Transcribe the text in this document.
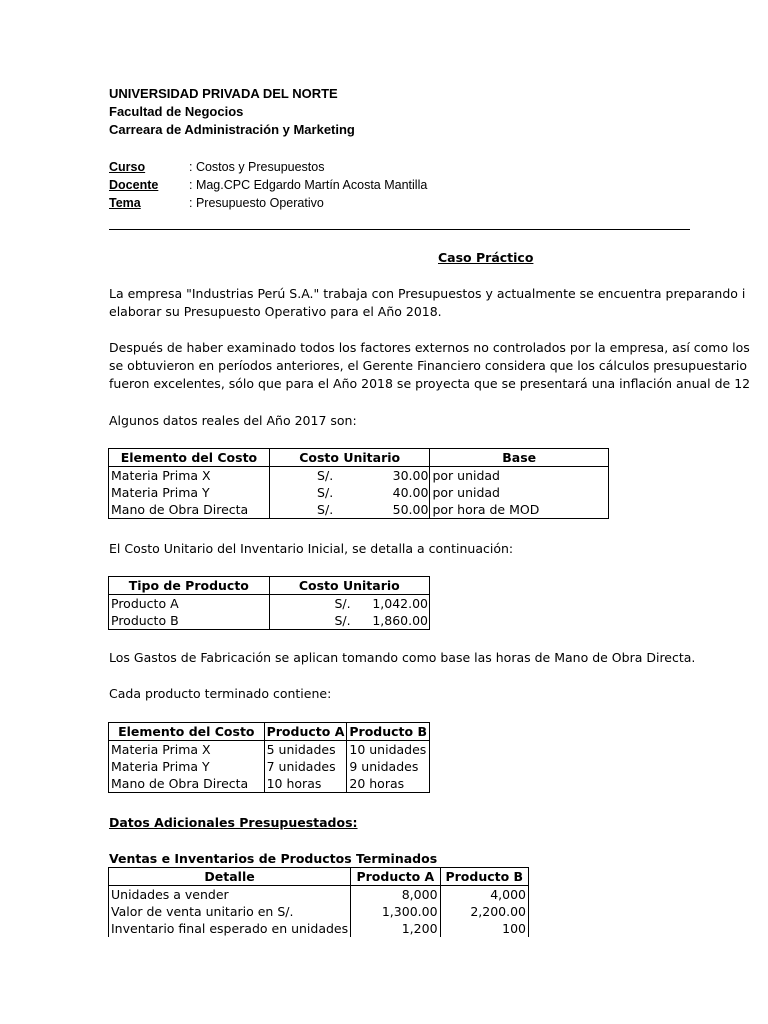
UNIVERSIDAD PRIVADA DEL NORTE
Facultad de Negocios
Carreara de Administración y Marketing
Curso	: Costos y Presupuestos
Docente : Mag.CPC Edgardo Martín Acosta Mantilla
Tema	: Presupuesto Operativo
Caso Práctico
La empresa "Industrias Perú S.A." trabaja con Presupuestos y actualmente se encuentra preparando i
elaborar su Presupuesto Operativo para el Año 2018.
Después de haber examinado todos los factores externos no controlados por la empresa, así como los
se obtuvieron en períodos anteriores, el Gerente Financiero considera que los cálculos presupuestario
fueron excelentes, sólo que para el Año 2018 se proyecta que se presentará una inflación anual de 12
Algunos datos reales del Año 2017 son:
Elemento del Costo	Costo Unitario		Base
Materia Prima X	S/.	30.00	por unidad
Materia Prima Y	S/.	40.00	por unidad
Mano de Obra Directa	S/.	50.00	por hora de MOD
El Costo Unitario del Inventario Inicial, se detalla a continuación:
Tipo de Producto	Costo Unitario	
Producto A	S/.	1,042.00
Producto B	S/.	1,860.00
Los Gastos de Fabricación se aplican tomando como base las horas de Mano de Obra Directa.
Cada producto terminado contiene:
Elemento del Costo	Producto A	Producto B
Materia Prima X	5 unidades	10 unidades
Materia Prima Y	7 unidades	9 unidades
Mano de Obra Directa	10 horas	20 horas
Datos Adicionales Presupuestados:
Ventas e Inventarios de Productos Terminados
Detalle	Producto A	Producto B
Unidades a vender	8,000	4,000
Valor de venta unitario en S/.	1,300.00	2,200.00
Inventario final esperado en unidades	1,200	100
